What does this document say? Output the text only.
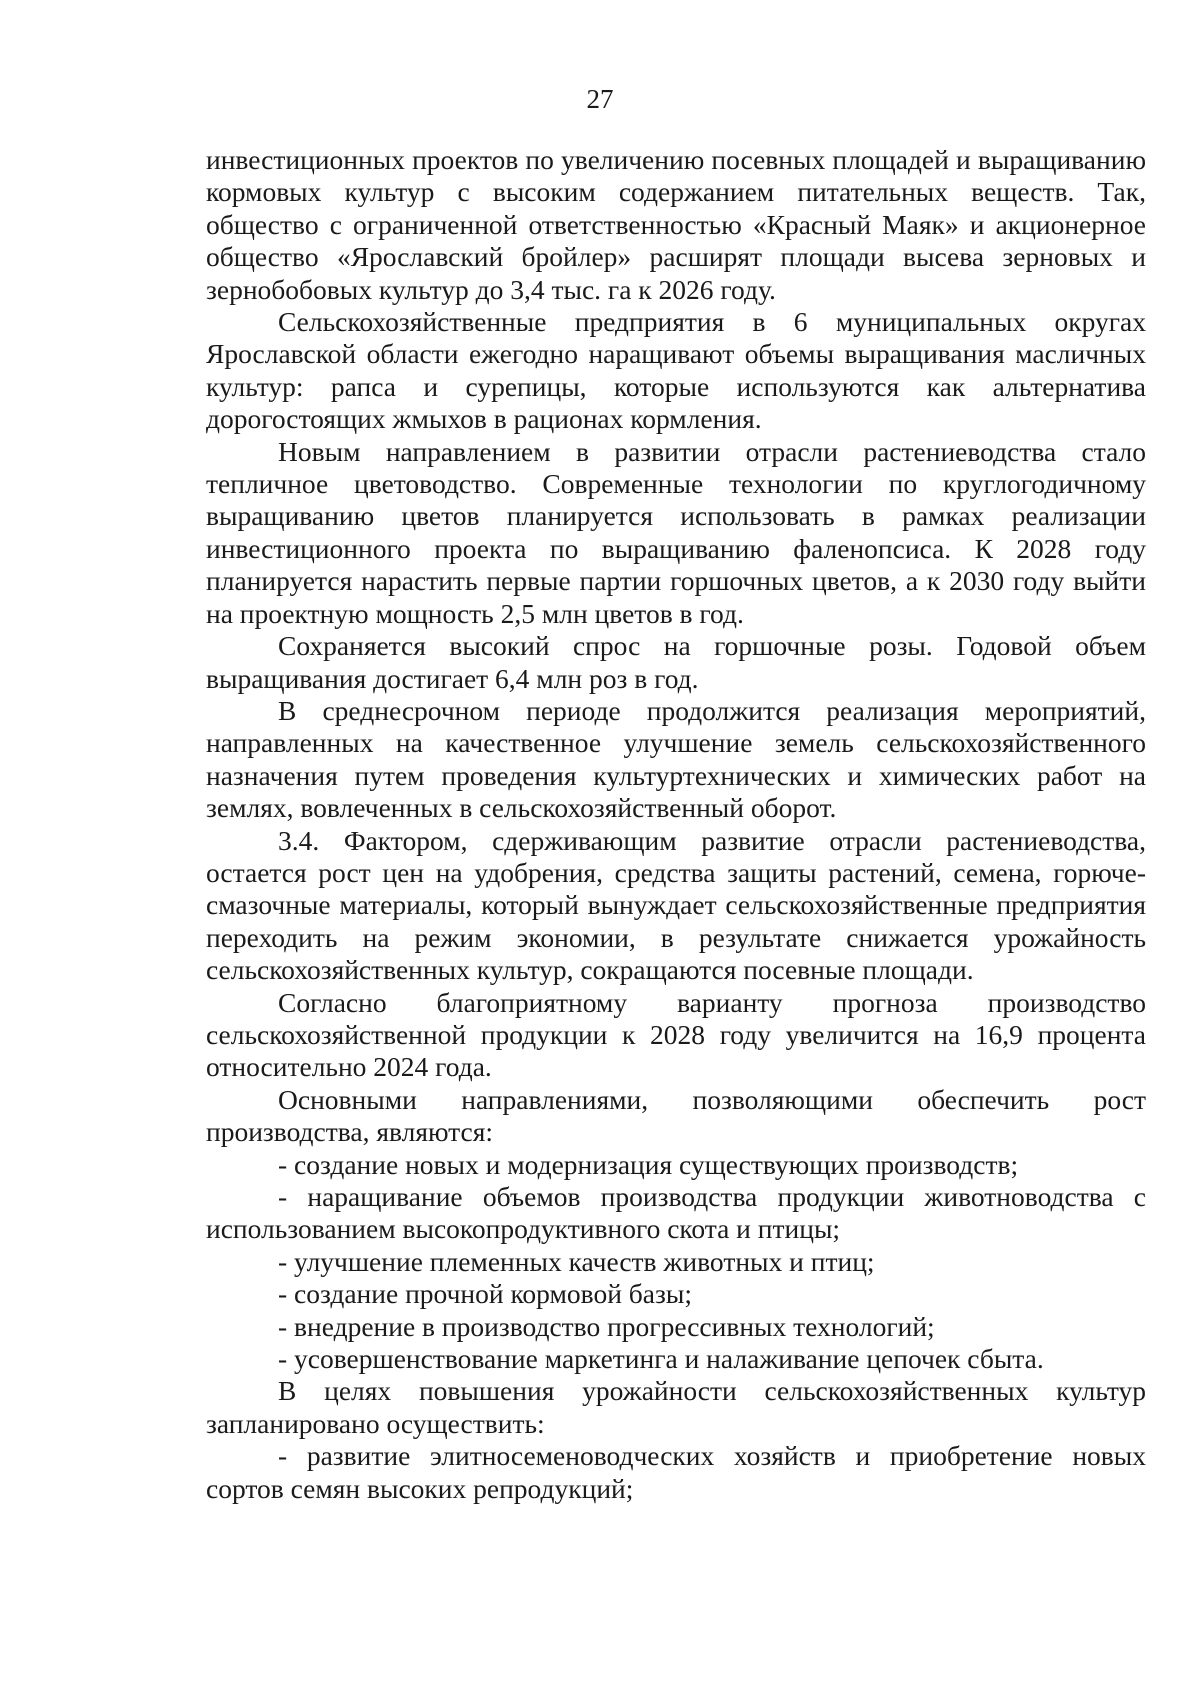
27

инвестиционных проектов по увеличению посевных площадей и выращиванию кормовых культур с высоким содержанием питательных веществ. Так, общество с ограниченной ответственностью «Красный Маяк» и акционерное общество «Ярославский бройлер» расширят площади высева зерновых и зернобобовых культур до 3,4 тыс. га к 2026 году.

Сельскохозяйственные предприятия в 6 муниципальных округах Ярославской области ежегодно наращивают объемы выращивания масличных культур: рапса и сурепицы, которые используются как альтернатива дорогостоящих жмыхов в рационах кормления.

Новым направлением в развитии отрасли растениеводства стало тепличное цветоводство. Современные технологии по круглогодичному выращиванию цветов планируется использовать в рамках реализации инвестиционного проекта по выращиванию фаленопсиса. К 2028 году планируется нарастить первые партии горшочных цветов, а к 2030 году выйти на проектную мощность 2,5 млн цветов в год.

Сохраняется высокий спрос на горшочные розы. Годовой объем выращивания достигает 6,4 млн роз в год.

В среднесрочном периоде продолжится реализация мероприятий, направленных на качественное улучшение земель сельскохозяйственного назначения путем проведения культуртехнических и химических работ на землях, вовлеченных в сельскохозяйственный оборот.

3.4. Фактором, сдерживающим развитие отрасли растениеводства, остается рост цен на удобрения, средства защиты растений, семена, горюче-смазочные материалы, который вынуждает сельскохозяйственные предприятия переходить на режим экономии, в результате снижается урожайность сельскохозяйственных культур, сокращаются посевные площади.

Согласно благоприятному варианту прогноза производство сельскохозяйственной продукции к 2028 году увеличится на 16,9 процента относительно 2024 года.

Основными направлениями, позволяющими обеспечить рост производства, являются:

- создание новых и модернизация существующих производств;

- наращивание объемов производства продукции животноводства с использованием высокопродуктивного скота и птицы;

- улучшение племенных качеств животных и птиц;

- создание прочной кормовой базы;

- внедрение в производство прогрессивных технологий;

- усовершенствование маркетинга и налаживание цепочек сбыта.

В целях повышения урожайности сельскохозяйственных культур запланировано осуществить:

- развитие элитносеменоводческих хозяйств и приобретение новых сортов семян высоких репродукций;
